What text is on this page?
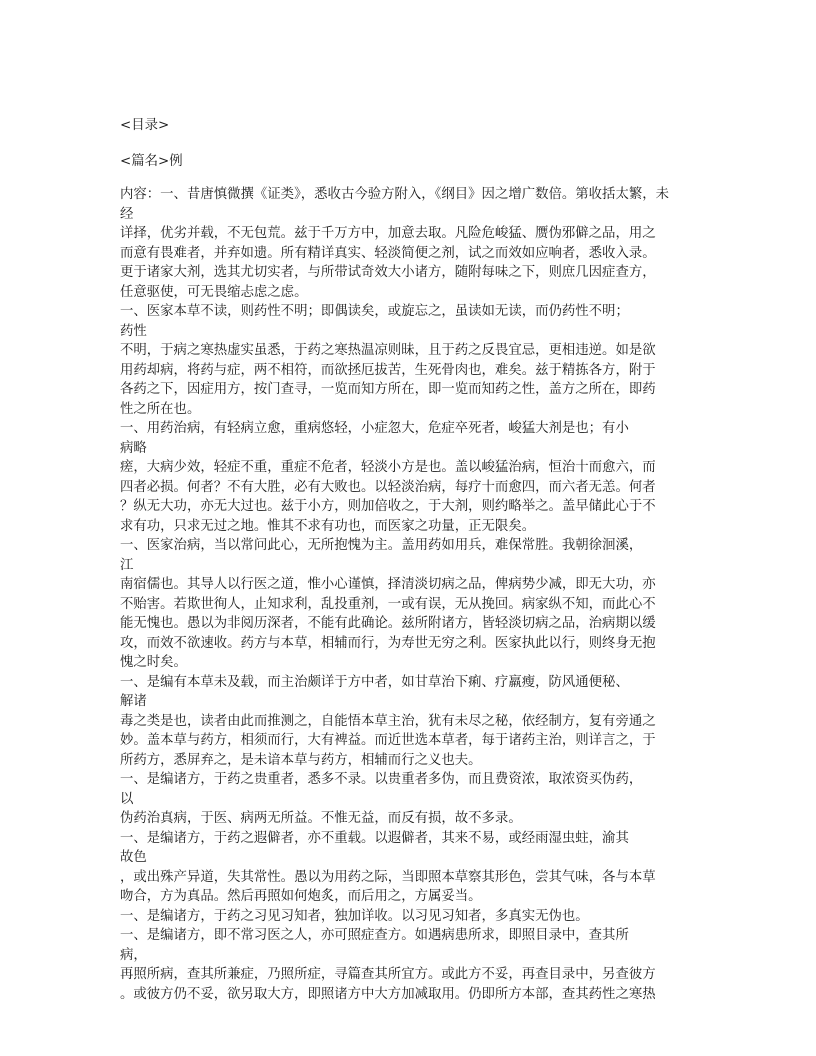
<目录>
<篇名>例
内容：一、昔唐慎微撰《证类》，悉收古今验方附入，《纲目》因之增广数倍。第收括太繁，未
经
详择，优劣并载，不无包荒。兹于千万方中，加意去取。凡险危峻猛、赝伪邪僻之品，用之
而意有畏难者，并弃如遗。所有精详真实、轻淡简便之剂，试之而效如应响者，悉收入录。
更于诸家大剂，选其尤切实者，与所带试奇效大小诸方，随附每味之下，则庶几因症查方，
任意驱使，可无畏缩忐虑之虑。
一、医家本草不读，则药性不明；即偶读矣，或旋忘之，虽读如无读，而仍药性不明；
药性
不明，于病之寒热虚实虽悉，于药之寒热温凉则昧，且于药之反畏宜忌，更相违逆。如是欲
用药却病，将药与症，两不相符，而欲拯厄拔苦，生死骨肉也，难矣。兹于精拣各方，附于
各药之下，因症用方，按门查寻，一览而知方所在，即一览而知药之性，盖方之所在，即药
性之所在也。
一、用药治病，有轻病立愈，重病悠轻，小症忽大，危症卒死者，峻猛大剂是也；有小
病略
瘥，大病少效，轻症不重，重症不危者，轻淡小方是也。盖以峻猛治病，恒治十而愈六，而
四者必损。何者？不有大胜，必有大败也。以轻淡治病，每疗十而愈四，而六者无恙。何者
？纵无大功，亦无大过也。兹于小方，则加倍收之，于大剂，则约略举之。盖早储此心于不
求有功，只求无过之地。惟其不求有功也，而医家之功量，正无限矣。
一、医家治病，当以常问此心，无所抱愧为主。盖用药如用兵，难保常胜。我朝徐洄溪，
江
南宿儒也。其导人以行医之道，惟小心谨慎，择清淡切病之品，俾病势少减，即无大功，亦
不贻害。若欺世徇人，止知求利，乱投重剂，一或有误，无从挽回。病家纵不知，而此心不
能无愧也。愚以为非阅历深者，不能有此确论。兹所附诸方，皆轻淡切病之品，治病期以缓
攻，而效不欲速收。药方与本草，相辅而行，为寿世无穷之利。医家执此以行，则终身无抱
愧之时矣。
一、是编有本草未及载，而主治颇详于方中者，如甘草治下痢、疗羸瘦，防风通便秘、
解诸
毒之类是也，读者由此而推测之，自能悟本草主治，犹有未尽之秘，依经制方，复有旁通之
妙。盖本草与药方，相须而行，大有裨益。而近世选本草者，每于诸药主治，则详言之，于
所药方，悉屏弃之，是未谙本草与药方，相辅而行之义也夫。
一、是编诸方，于药之贵重者，悉多不录。以贵重者多伪，而且费资浓，取浓资买伪药，
以
伪药治真病，于医、病两无所益。不惟无益，而反有损，故不多录。
一、是编诸方，于药之遐僻者，亦不重载。以遐僻者，其来不易，或经雨湿虫蛀，渝其
故色
，或出殊产异道，失其常性。愚以为用药之际，当即照本草察其形色，尝其气味，各与本草
吻合，方为真品。然后再照如何炮炙，而后用之，方属妥当。
一、是编诸方，于药之习见习知者，独加详收。以习见习知者，多真实无伪也。
一、是编诸方，即不常习医之人，亦可照症查方。如遇病患所求，即照目录中，查其所
病，
再照所病，查其所兼症，乃照所症，寻篇查其所宜方。或此方不妥，再查目录中，另查彼方
。或彼方仍不妥，欲另取大方，即照诸方中大方加减取用。仍即所方本部，查其药性之寒热
